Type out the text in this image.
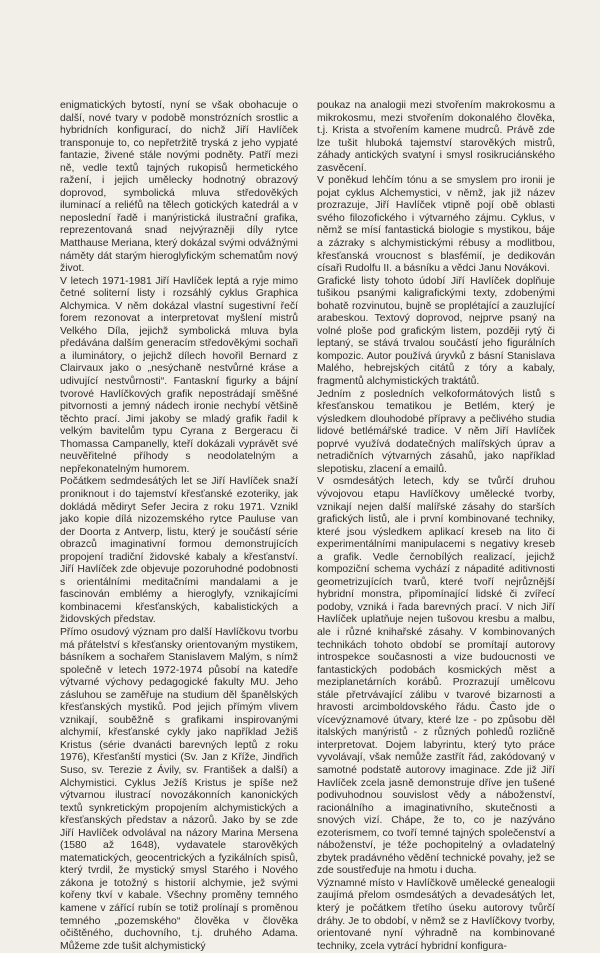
enigmatických bytostí, nyní se však obohacuje o další, nové tvary v podobě monstrózních srostlic a hybridních konfigurací, do nichž Jiří Havlíček transponuje to, co nepřetržitě tryská z jeho vypjaté fantazie, živené stále novými podněty. Patří mezi ně, vedle textů tajných rukopisů hermetického ražení, i jejich umělecky hodnotný obrazový doprovod, symbolická mluva středověkých iluminací a reliéfů na tělech gotických katedrál a v neposlední řadě i manýristická ilustrační grafika, reprezentovaná snad nejvýrazněji díly rytce Matthause Meriana, který dokázal svými odvážnými náměty dát starým hieroglyfickým schematům nový život.

V letech 1971-1981 Jiří Havlíček leptá a ryje mimo četné soliterní listy i rozsáhlý cyklus Graphica Alchymica. V něm dokázal vlastní sugestivní řečí forem rezonovat a interpretovat myšlení mistrů Velkého Díla, jejichž symbolická mluva byla předávána dalším generacím středověkými sochaři a iluminátory, o jejichž dílech hovořil Bernard z Clairvaux jako o „nesýchaně nestvůrné kráse a udivující nestvůrnosti“. Fantaskní figurky a bájní tvorové Havlíčkových grafik nepostrádají směšné pitvornosti a jemný nádech ironie nechybí většině těchto prací. Jimi jakoby se mladý grafik řadil k velkým bavitelům typu Cyrana z Bergeracu či Thomassa Campanelly, kteří dokázali vyprávět své neuvěřitelné příhody s neodolatelným a nepřekonatelným humorem.

Počátkem sedmdesátých let se Jiří Havlíček snaží proniknout i do tajemství křesťanské ezoteriky, jak dokládá mědiryt Sefer Jecira z roku 1971. Vznikl jako kopie dílá nizozemského rytce Pauluse van der Doorta z Antverp, listu, který je součástí série obrazců imaginativní formou demonstrujících propojení tradiční židovské kabaly a křesťanství. Jiří Havlíček zde objevuje pozoruhodné podobnosti s orientálními meditačními mandalami a je fascinován emblémy a hieroglyfy, vznikajícími kombinacemi křesťanských, kabalistických a židovských představ.

Přímo osudový význam pro další Havlíčkovu tvorbu má přátelství s křesťansky orientovaným mystikem, básníkem a sochařem Stanislavem Malým, s nímž společně v letech 1972-1974 působí na katedře výtvarné výchovy pedagogické fakulty MU. Jeho zásluhou se zaměřuje na studium děl španělských křesťanských mystiků. Pod jejich přímým vlivem vznikají, souběžně s grafikami inspirovanými alchymií, křesťanské cykly jako například Ježiš Kristus (série dvanácti barevných leptů z roku 1976), Křesťanští mystici (Sv. Jan z Kříže, Jindřich Suso, sv. Terezie z Ávily, sv. František a další) a Alchymistici. Cyklus Ježíš Kristus je spíše než výtvarnou ilustrací novozákonních kanonických textů synkretickým propojením alchymistických a křesťanských představ a názorů. Jako by se zde Jiří Havlíček odvolával na názory Marina Mersena (1580 až 1648), vydavatele starověkých matematických, geocentrických a fyzikálních spisů, který tvrdil, že mystický smysl Starého i Nového zákona je totožný s historií alchymie, jež svými kořeny tkví v kabale. Všechny proměny temného kamene v zářící rubín se totiž prolínají s proměnou temného „pozemského“ člověka v člověka očištěného, duchovního, t.j. druhého Adama. Můžeme zde tušit alchymistický

poukaz na analogii mezi stvořením makrokosmu a mikrokosmu, mezi stvořením dokonalého člověka, t.j. Krista a stvořením kamene mudrců. Právě zde lze tušit hluboká tajemství starověkých mistrů, záhady antických svatyní i smysl rosikruciánského zasvěcení.

V poněkud lehčím tónu a se smyslem pro ironii je pojat cyklus Alchemystici, v němž, jak již název prozrazuje, Jiří Havlíček vtipně pojí obě oblasti svého filozofického i výtvarného zájmu. Cyklus, v němž se mísí fantastická biologie s mystikou, báje a zázraky s alchymistickými rébusy a modlitbou, křesťanská vroucnost s blasfémií, je dedikován císaři Rudolfu II. a básníku a vědci Janu Novákovi.

Grafické listy tohoto údobí Jiří Havlíček doplňuje tušikou psanými kaligrafickými texty, zdobenými bohatě rozvinutou, bujně se proplétající a zauzlující arabeskou. Textový doprovod, nejprve psaný na volné ploše pod grafickým listem, později rytý či leptaný, se stává trvalou součástí jeho figurálních kompozic. Autor používá úryvků z básní Stanislava Malého, hebrejských citátů z tóry a kabaly, fragmentů alchymistických traktátů.

Jedním z posledních velkoformátových listů s křesťanskou tematikou je Betlém, který je výsledkem dlouhodobé přípravy a pečlivého studia lidové betlémářské tradice. V něm Jiří Havlíček poprvé využívá dodatečných malířských úprav a netradičních výtvarných zásahů, jako například slepotisku, zlacení a emailů.

V osmdesátých letech, kdy se tvůrčí druhou vývojovou etapu Havlíčkovy umělecké tvorby, vznikají nejen další malířské zásahy do starších grafických listů, ale i první kombinované techniky, které jsou výsledkem aplikací kreseb na lito či experimentálními manipulacemi s negativy kreseb a grafik. Vedle černobílých realizací, jejichž kompoziční schema vychází z nápadité aditivnosti geometrizujících tvarů, které tvoří nejrůznější hybridní monstra, připomínající lidské či zvířecí podoby, vzniká i řada barevných prací. V nich Jiří Havlíček uplatňuje nejen tušovou kresbu a malbu, ale i různé knihařské zásahy. V kombinovaných technikách tohoto období se promítají autorovy introspekce současnosti a vize budoucnosti ve fantastických podobách kosmických měst a meziplanetárních korábů. Prozrazují umělcovu stále přetrvávající zálibu v tvarové bizarnosti a hravosti arcimboldovského řádu. Často jde o vícevýznamové útvary, které lze - po způsobu děl italských manýristů - z různých pohledů rozličně interpretovat. Dojem labyrintu, který tyto práce vyvolávají, však nemůže zastřít řád, zakódovaný v samotné podstatě autorovy imaginace. Zde již Jiří Havlíček zcela jasně demonstruje dříve jen tušené podivuhodnou souvislost vědy a náboženství, racionálního a imaginativního, skutečnosti a snových vizí. Chápe, že to, co je nazýváno ezoterismem, co tvoří temné tajných společenství a náboženství, je téže pochopitelný a ovladatelný zbytek pradávného vědění technické povahy, jež se zde soustřeďuje na hmotu i ducha.

Významné místo v Havlíčkově umělecké genealogii zaujímá přelom osmdesátých a devadesátých let, který je počátkem třetího úseku autorovy tvůrčí dráhy. Je to období, v němž se z Havlíčkovy tvorby, orientované nyní výhradně na kombinované techniky, zcela vytrácí hybridní konfigura-
